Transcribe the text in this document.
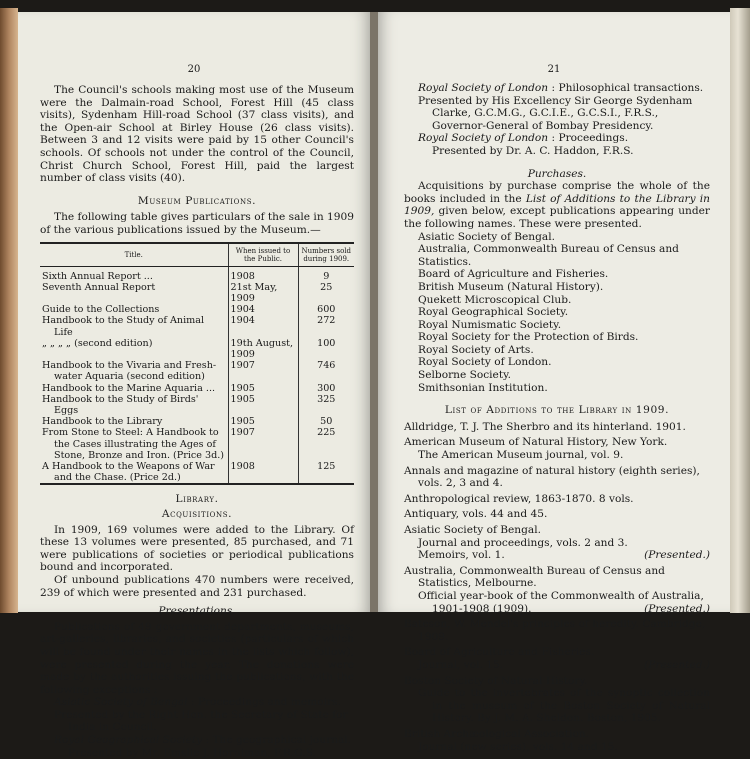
20

The Council's schools making most use of the Museum were the Dalmain-road School, Forest Hill (45 class visits), Sydenham Hill-road School (37 class visits), and the Open-air School at Birley House (26 class visits). Between 3 and 12 visits were paid by 15 other Council's schools. Of schools not under the control of the Council, Christ Church School, Forest Hill, paid the largest number of class visits (40).

Museum Publications.

The following table gives particulars of the sale in 1909 of the various publications issued by the Museum.—

Title.	When issued to the Public.	Numbers sold during 1909.
Sixth Annual Report ...	1908	9
Seventh Annual Report	21st May, 1909	25
Guide to the Collections	1904	600
Handbook to the Study of Animal Life	1904	272
„ „ „ „ (second edition)	19th August, 1909	100
Handbook to the Vivaria and Fresh-water Aquaria (second edition)	1907	746
Handbook to the Marine Aquaria ...	1905	300
Handbook to the Study of Birds' Eggs	1905	325
Handbook to the Library	1905	50
From Stone to Steel: A Handbook to the Cases illustrating the Ages of Stone, Bronze and Iron. (Price 3d.)	1907	225
A Handbook to the Weapons of War and the Chase. (Price 2d.)	1908	125

Library.

Acquisitions.

In 1909, 169 volumes were added to the Library. Of these 13 volumes were presented, 85 purchased, and 71 were publications of societies or periodical publications bound and incorporated.

Of unbound publications 470 numbers were received, 239 of which were presented and 231 purchased.

Presentations.

Publications of 49 government departments, museums, art-galleries, libraries, and societies (particulars of which will be found under their names in the lists which follow), were presented during the year. The donations were made by the authorities issuing the publications, with the following exceptions :

Asiatic Society of Bengal : Proceedings and memoirs.

Presented by the Right Hon. the Secretary of State for India in Council.

Royal Geographical Society : The geographical journal.

Presented by Mr. Emslie J. Horniman, F.R.G.S.

21

Royal Society of London : Philosophical transactions.

Presented by His Excellency Sir George Sydenham Clarke, G.C.M.G., G.C.I.E., G.C.S.I., F.R.S., Governor-General of Bombay Presidency.

Royal Society of London : Proceedings.

Presented by Dr. A. C. Haddon, F.R.S.

Purchases.

Acquisitions by purchase comprise the whole of the books included in the List of Additions to the Library in 1909, given below, except publications appearing under the following names. These were presented.

Asiatic Society of Bengal.

Australia, Commonwealth Bureau of Census and Statistics.

Board of Agriculture and Fisheries.

British Museum (Natural History).

Quekett Microscopical Club.

Royal Geographical Society.

Royal Numismatic Society.

Royal Society for the Protection of Birds.

Royal Society of Arts.

Royal Society of London.

Selborne Society.

Smithsonian Institution.

List of Additions to the Library in 1909.

Alldridge, T. J. The Sherbro and its hinterland. 1901.

American Museum of Natural History, New York.

The American Museum journal, vol. 9.

Annals and magazine of natural history (eighth series), vols. 2, 3 and 4.

Anthropological review, 1863-1870. 8 vols.

Antiquary, vols. 44 and 45.

Asiatic Society of Bengal.

Journal and proceedings, vols. 2 and 3.

Memoirs, vol. 1.	(Presented.)

Australia, Commonwealth Bureau of Census and Statistics, Melbourne.

Official year-book of the Commonwealth of Australia, 1901-1908 (1909).	(Presented.)

Bateson, W. Mendel's principles of heredity. Cambridge, 1909.

Board of Agriculture and Fisheries.

Journal, vol. 15.	(Presented.)

Boston Society of Natural History.

Guide to the invertebrates of the synoptic collection in the museum of the Boston Society of Natural History. By J. M. A. Sheldon. Boston, 1905.

British Archæological Association.

Journal (new series), vols. 14 and 15.
